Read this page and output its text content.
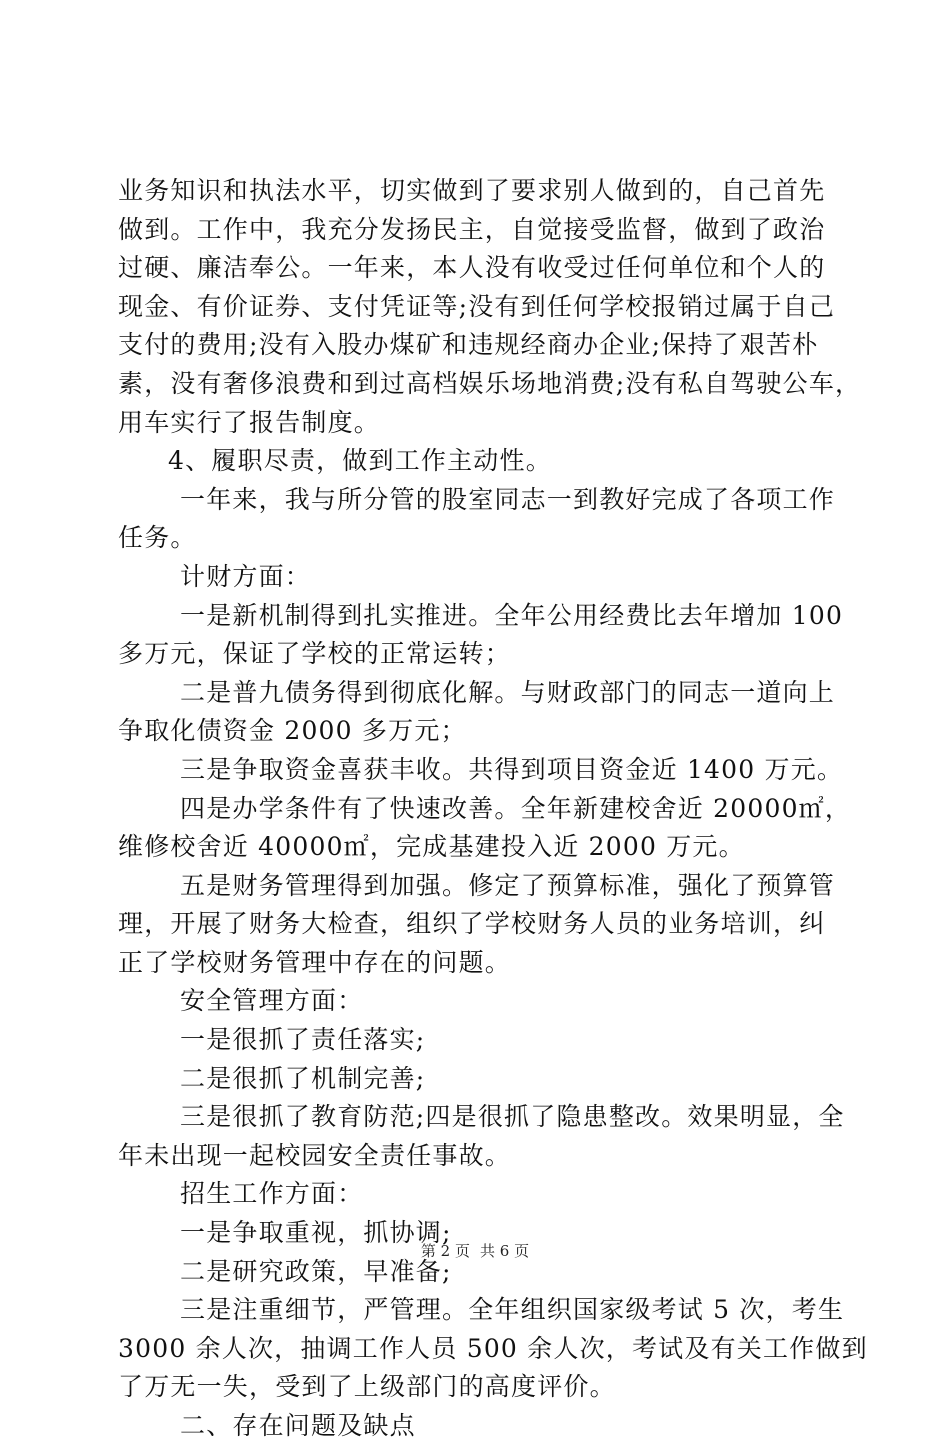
业务知识和执法水平，切实做到了要求别人做到的，自己首先
做到。工作中，我充分发扬民主，自觉接受监督，做到了政治
过硬、廉洁奉公。一年来，本人没有收受过任何单位和个人的
现金、有价证券、支付凭证等;没有到任何学校报销过属于自己
支付的费用;没有入股办煤矿和违规经商办企业;保持了艰苦朴
素，没有奢侈浪费和到过高档娱乐场地消费;没有私自驾驶公车，
用车实行了报告制度。
4、履职尽责，做到工作主动性。
一年来，我与所分管的股室同志一到教好完成了各项工作
任务。
计财方面：
一是新机制得到扎实推进。全年公用经费比去年增加 100
多万元，保证了学校的正常运转；
二是普九债务得到彻底化解。与财政部门的同志一道向上
争取化债资金 2000 多万元；
三是争取资金喜获丰收。共得到项目资金近 1400 万元。
四是办学条件有了快速改善。全年新建校舍近 20000㎡，
维修校舍近 40000㎡，完成基建投入近 2000 万元。
五是财务管理得到加强。修定了预算标准，强化了预算管
理，开展了财务大检查，组织了学校财务人员的业务培训，纠
正了学校财务管理中存在的问题。
安全管理方面：
一是很抓了责任落实;
二是很抓了机制完善;
三是很抓了教育防范;四是很抓了隐患整改。效果明显，全
年未出现一起校园安全责任事故。
招生工作方面：
一是争取重视，抓协调;
二是研究政策，早准备;
三是注重细节，严管理。全年组织国家级考试 5 次，考生
3000 余人次，抽调工作人员 500 余人次，考试及有关工作做到
了万无一失，受到了上级部门的高度评价。
二、存在问题及缺点
第 2 页 共 6 页
